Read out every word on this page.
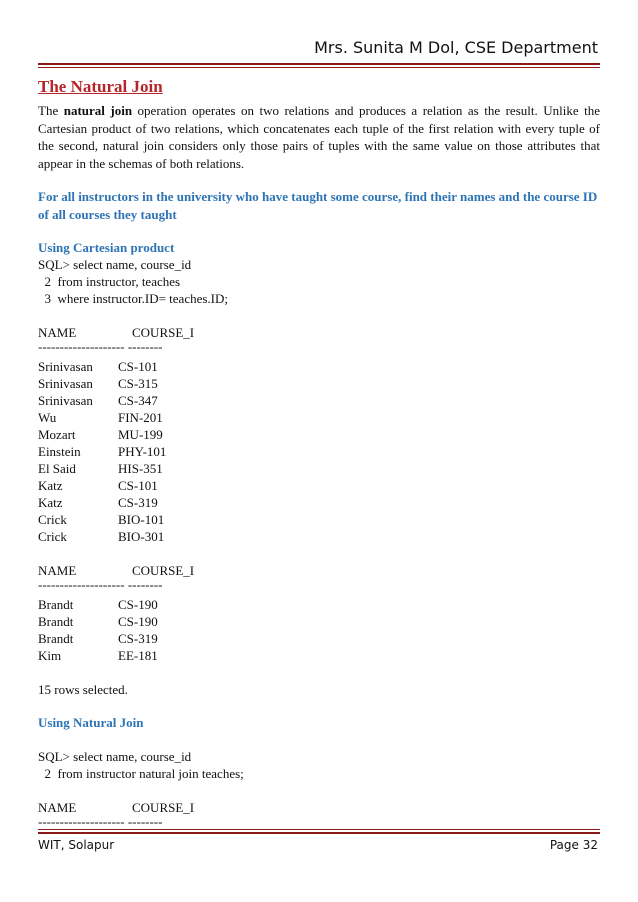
Mrs. Sunita M Dol, CSE Department
The Natural Join

The natural join operation operates on two relations and produces a relation as the result. Unlike the Cartesian product of two relations, which concatenates each tuple of the first relation with every tuple of the second, natural join considers only those pairs of tuples with the same value on those attributes that appear in the schemas of both relations.

For all instructors in the university who have taught some course, find their names and the course ID of all courses they taught

Using Cartesian product
SQL> select name, course_id
2  from instructor, teaches
3  where instructor.ID= teaches.ID;
NAME	COURSE_I
-------------------- --------
Srinivasan CS-101
Srinivasan CS-315
Srinivasan CS-347
Wu	FIN-201
Mozart	MU-199
Einstein	PHY-101
El Said	HIS-351
Katz	CS-101
Katz	CS-319
Crick	BIO-101
Crick	BIO-301
NAME	COURSE_I
-------------------- --------
Brandt	CS-190
Brandt	CS-190
Brandt	CS-319
Kim	EE-181
15 rows selected.
Using Natural Join
SQL> select name, course_id
2  from instructor natural join teaches;
NAME	COURSE_I
-------------------- --------
WIT, Solapur	Page 32
